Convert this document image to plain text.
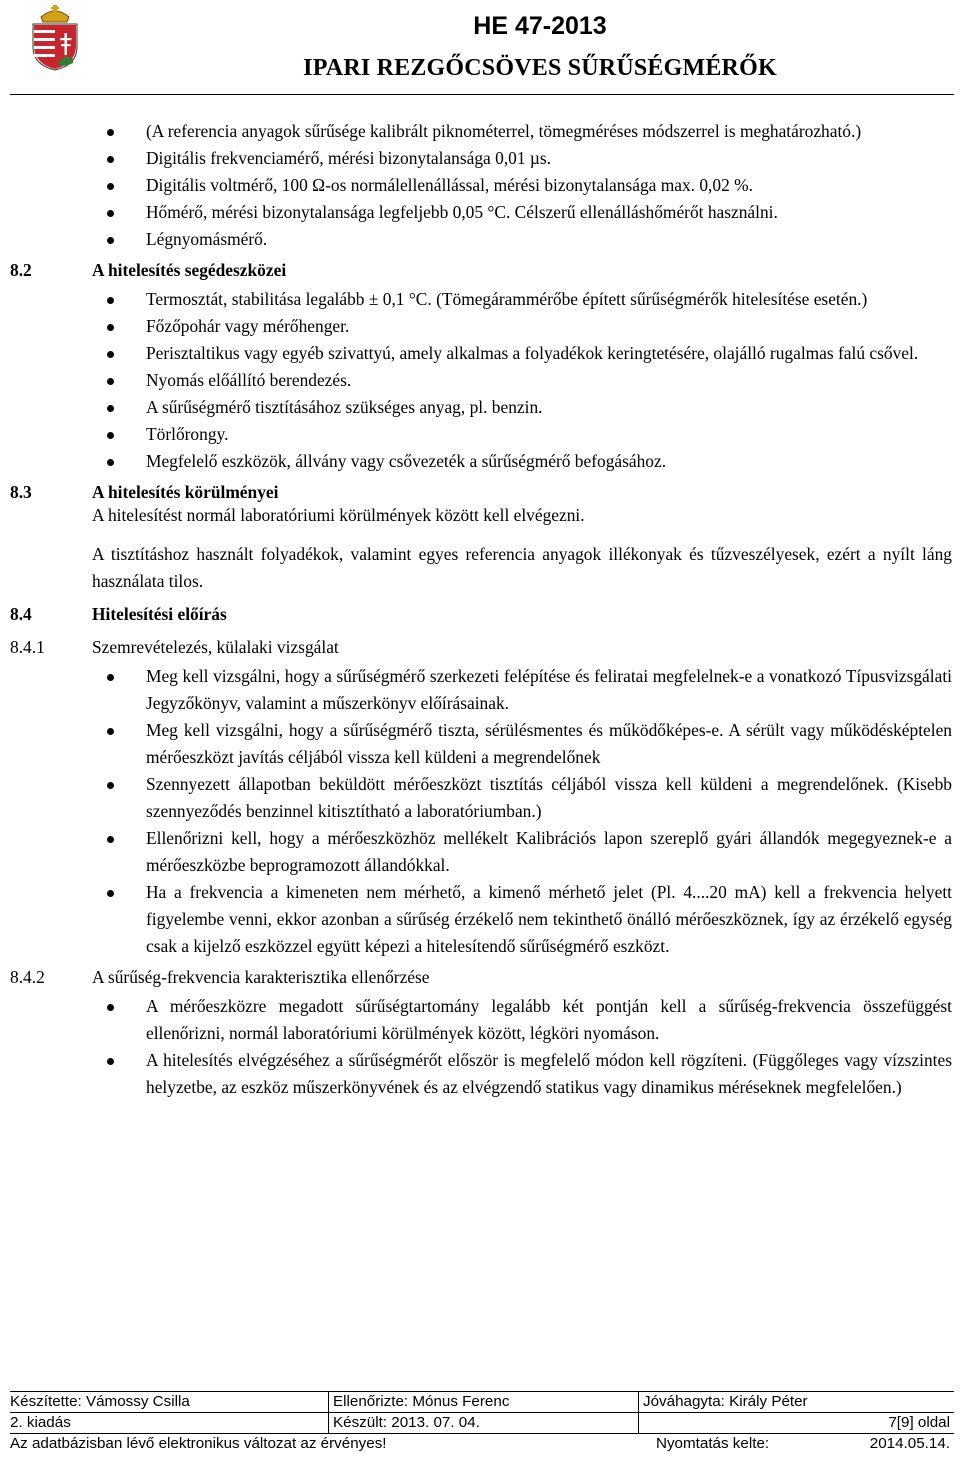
HE 47-2013
IPARI REZGŐCSÖVES SŰRŰSÉGMÉRŐK
(A referencia anyagok sűrűsége kalibrált piknométerrel, tömegméréses módszerrel is meghatározható.)
Digitális frekvenciamérő, mérési bizonytalansága 0,01 µs.
Digitális voltmérő, 100 Ω-os normálellenállással, mérési bizonytalansága max. 0,02 %.
Hőmérő, mérési bizonytalansága legfeljebb 0,05 °C. Célszerű ellenálláshőmérőt használni.
Légnyomásmérő.
8.2	A hitelesítés segédeszközei
Termosztát, stabilitása legalább ± 0,1 °C. (Tömegárammérőbe épített sűrűségmérők hitelesítése esetén.)
Főzőpohár vagy mérőhenger.
Perisztaltikus vagy egyéb szivattyú, amely alkalmas a folyadékok keringtetésére, olajálló rugalmas falú csővel.
Nyomás előállító berendezés.
A sűrűségmérő tisztításához szükséges anyag, pl. benzin.
Törlőrongy.
Megfelelő eszközök, állvány vagy csővezeték a sűrűségmérő befogásához.
8.3	A hitelesítés körülményei
A hitelesítést normál laboratóriumi körülmények között kell elvégezni.
A tisztításhoz használt folyadékok, valamint egyes referencia anyagok illékonyak és tűzveszélyesek, ezért a nyílt láng használata tilos.
8.4	Hitelesítési előírás
8.4.1	Szemrevételezés, külalaki vizsgálat
Meg kell vizsgálni, hogy a sűrűségmérő szerkezeti felépítése és feliratai megfelelnek-e a vonatkozó Típusvizsgálati Jegyzőkönyv, valamint a műszerkönyv előírásainak.
Meg kell vizsgálni, hogy a sűrűségmérő tiszta, sérülésmentes és működőképes-e. A sérült vagy működésképtelen mérőeszközt javítás céljából vissza kell küldeni a megrendelőnek
Szennyezett állapotban beküldött mérőeszközt tisztítás céljából vissza kell küldeni a megrendelőnek. (Kisebb szennyeződés benzinnel kitisztítható a laboratóriumban.)
Ellenőrizni kell, hogy a mérőeszközhöz mellékelt Kalibrációs lapon szereplő gyári állandók megegyeznek-e a mérőeszközbe beprogramozott állandókkal.
Ha a frekvencia a kimeneten nem mérhető, a kimenő mérhető jelet (Pl. 4....20 mA) kell a frekvencia helyett figyelembe venni, ekkor azonban a sűrűség érzékelő nem tekinthető önálló mérőeszköznek, így az érzékelő egység csak a kijelző eszközzel együtt képezi a hitelesítendő sűrűségmérő eszközt.
8.4.2	A sűrűség-frekvencia karakterisztika ellenőrzése
A mérőeszközre megadott sűrűségtartomány legalább két pontján kell a sűrűség-frekvencia összefüggést ellenőrizni, normál laboratóriumi körülmények között, légköri nyomáson.
A hitelesítés elvégzéséhez a sűrűségmérőt először is megfelelő módon kell rögzíteni. (Függőleges vagy vízszintes helyzetbe, az eszköz műszerkönyvének és az elvégzendő statikus vagy dinamikus méréseknek megfelelően.)
Készítette: Vámossy Csilla	Ellenőrizte: Mónus Ferenc	Jóváhagyta: Király Péter
2. kiadás	Készült: 2013. 07. 04.	7[9] oldal
Az adatbázisban lévő elektronikus változat az érvényes!	Nyomtatás kelte:	2014.05.14.
